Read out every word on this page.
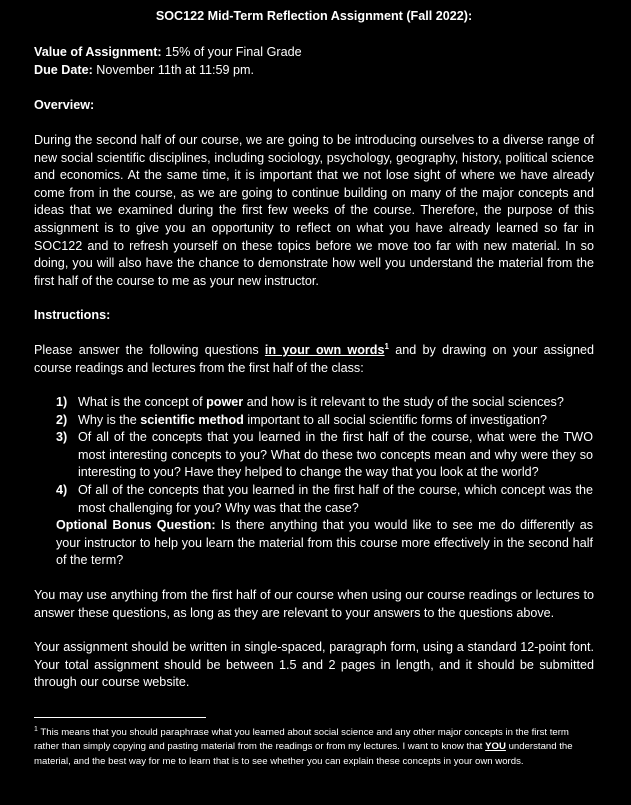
SOC122 Mid-Term Reflection Assignment (Fall 2022):
Value of Assignment: 15% of your Final Grade
Due Date: November 11th at 11:59 pm.
Overview:
During the second half of our course, we are going to be introducing ourselves to a diverse range of new social scientific disciplines, including sociology, psychology, geography, history, political science and economics. At the same time, it is important that we not lose sight of where we have already come from in the course, as we are going to continue building on many of the major concepts and ideas that we examined during the first few weeks of the course. Therefore, the purpose of this assignment is to give you an opportunity to reflect on what you have already learned so far in SOC122 and to refresh yourself on these topics before we move too far with new material. In so doing, you will also have the chance to demonstrate how well you understand the material from the first half of the course to me as your new instructor.
Instructions:
Please answer the following questions in your own words$^1$ and by drawing on your assigned course readings and lectures from the first half of the class:
1) What is the concept of power and how is it relevant to the study of the social sciences?
2) Why is the scientific method important to all social scientific forms of investigation?
3) Of all of the concepts that you learned in the first half of the course, what were the TWO most interesting concepts to you? What do these two concepts mean and why were they so interesting to you? Have they helped to change the way that you look at the world?
4) Of all of the concepts that you learned in the first half of the course, which concept was the most challenging for you? Why was that the case?
Optional Bonus Question: Is there anything that you would like to see me do differently as your instructor to help you learn the material from this course more effectively in the second half of the term?
You may use anything from the first half of our course when using our course readings or lectures to answer these questions, as long as they are relevant to your answers to the questions above.
Your assignment should be written in single-spaced, paragraph form, using a standard 12-point font. Your total assignment should be between 1.5 and 2 pages in length, and it should be submitted through our course website.
$^1$ This means that you should paraphrase what you learned about social science and any other major concepts in the first term rather than simply copying and pasting material from the readings or from my lectures. I want to know that YOU understand the material, and the best way for me to learn that is to see whether you can explain these concepts in your own words.
